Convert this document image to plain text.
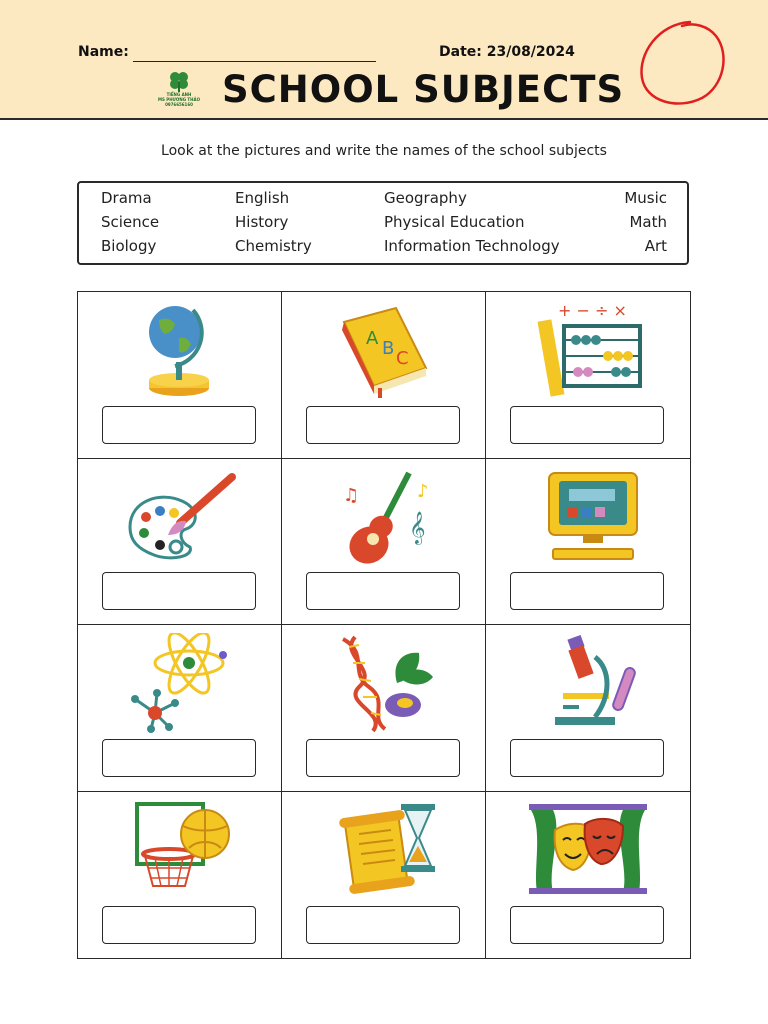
Name:	Date: 23/08/2024
TIẾNG ANH
MS PHƯƠNG THẢO
0976656160 SCHOOL SUBJECTS
Look at the pictures and write the names of the school subjects
Drama
Science
Biology
English
History
Chemistry
Geography
Physical Education
Information Technology
Music
Math
Art
A B C
+ − ÷ ×
♫	♪
𝄞
